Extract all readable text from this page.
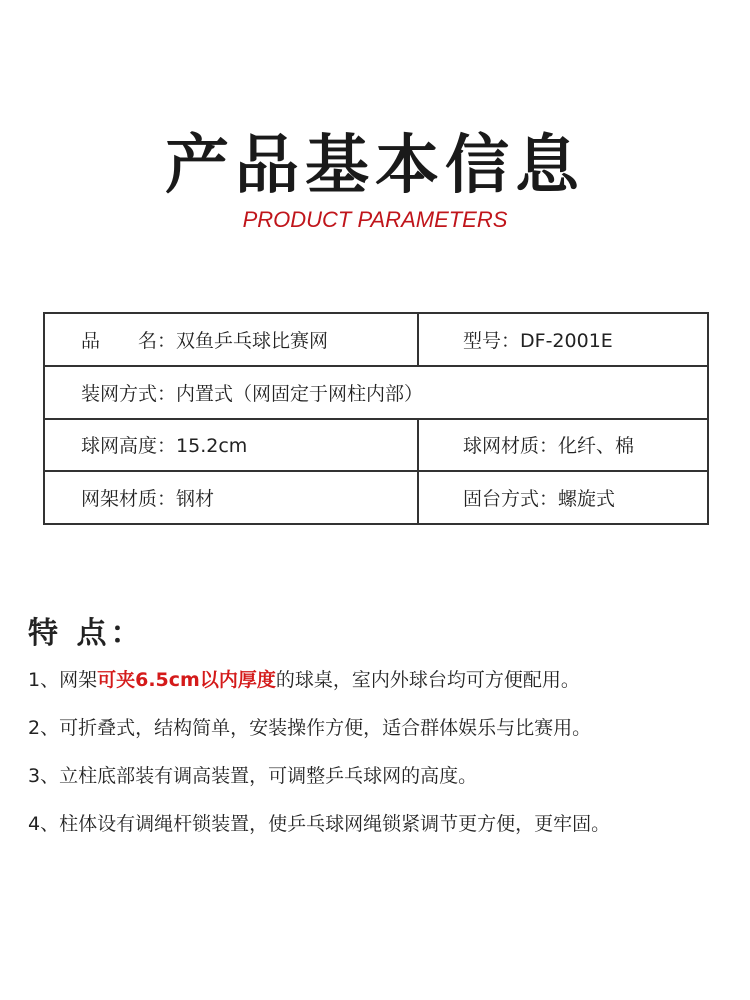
产品基本信息
PRODUCT PARAMETERS
品　　名：双鱼乒乓球比赛网	型号：DF-2001E
装网方式：内置式（网固定于网柱内部）	
球网高度：15.2cm	球网材质：化纤、棉
网架材质：钢材	固台方式：螺旋式
特 点：
1、网架可夹6.5cm以内厚度的球桌，室内外球台均可方便配用。
2、可折叠式，结构简单，安装操作方便，适合群体娱乐与比赛用。
3、立柱底部装有调高装置，可调整乒乓球网的高度。
4、柱体设有调绳杆锁装置，使乒乓球网绳锁紧调节更方便，更牢固。
